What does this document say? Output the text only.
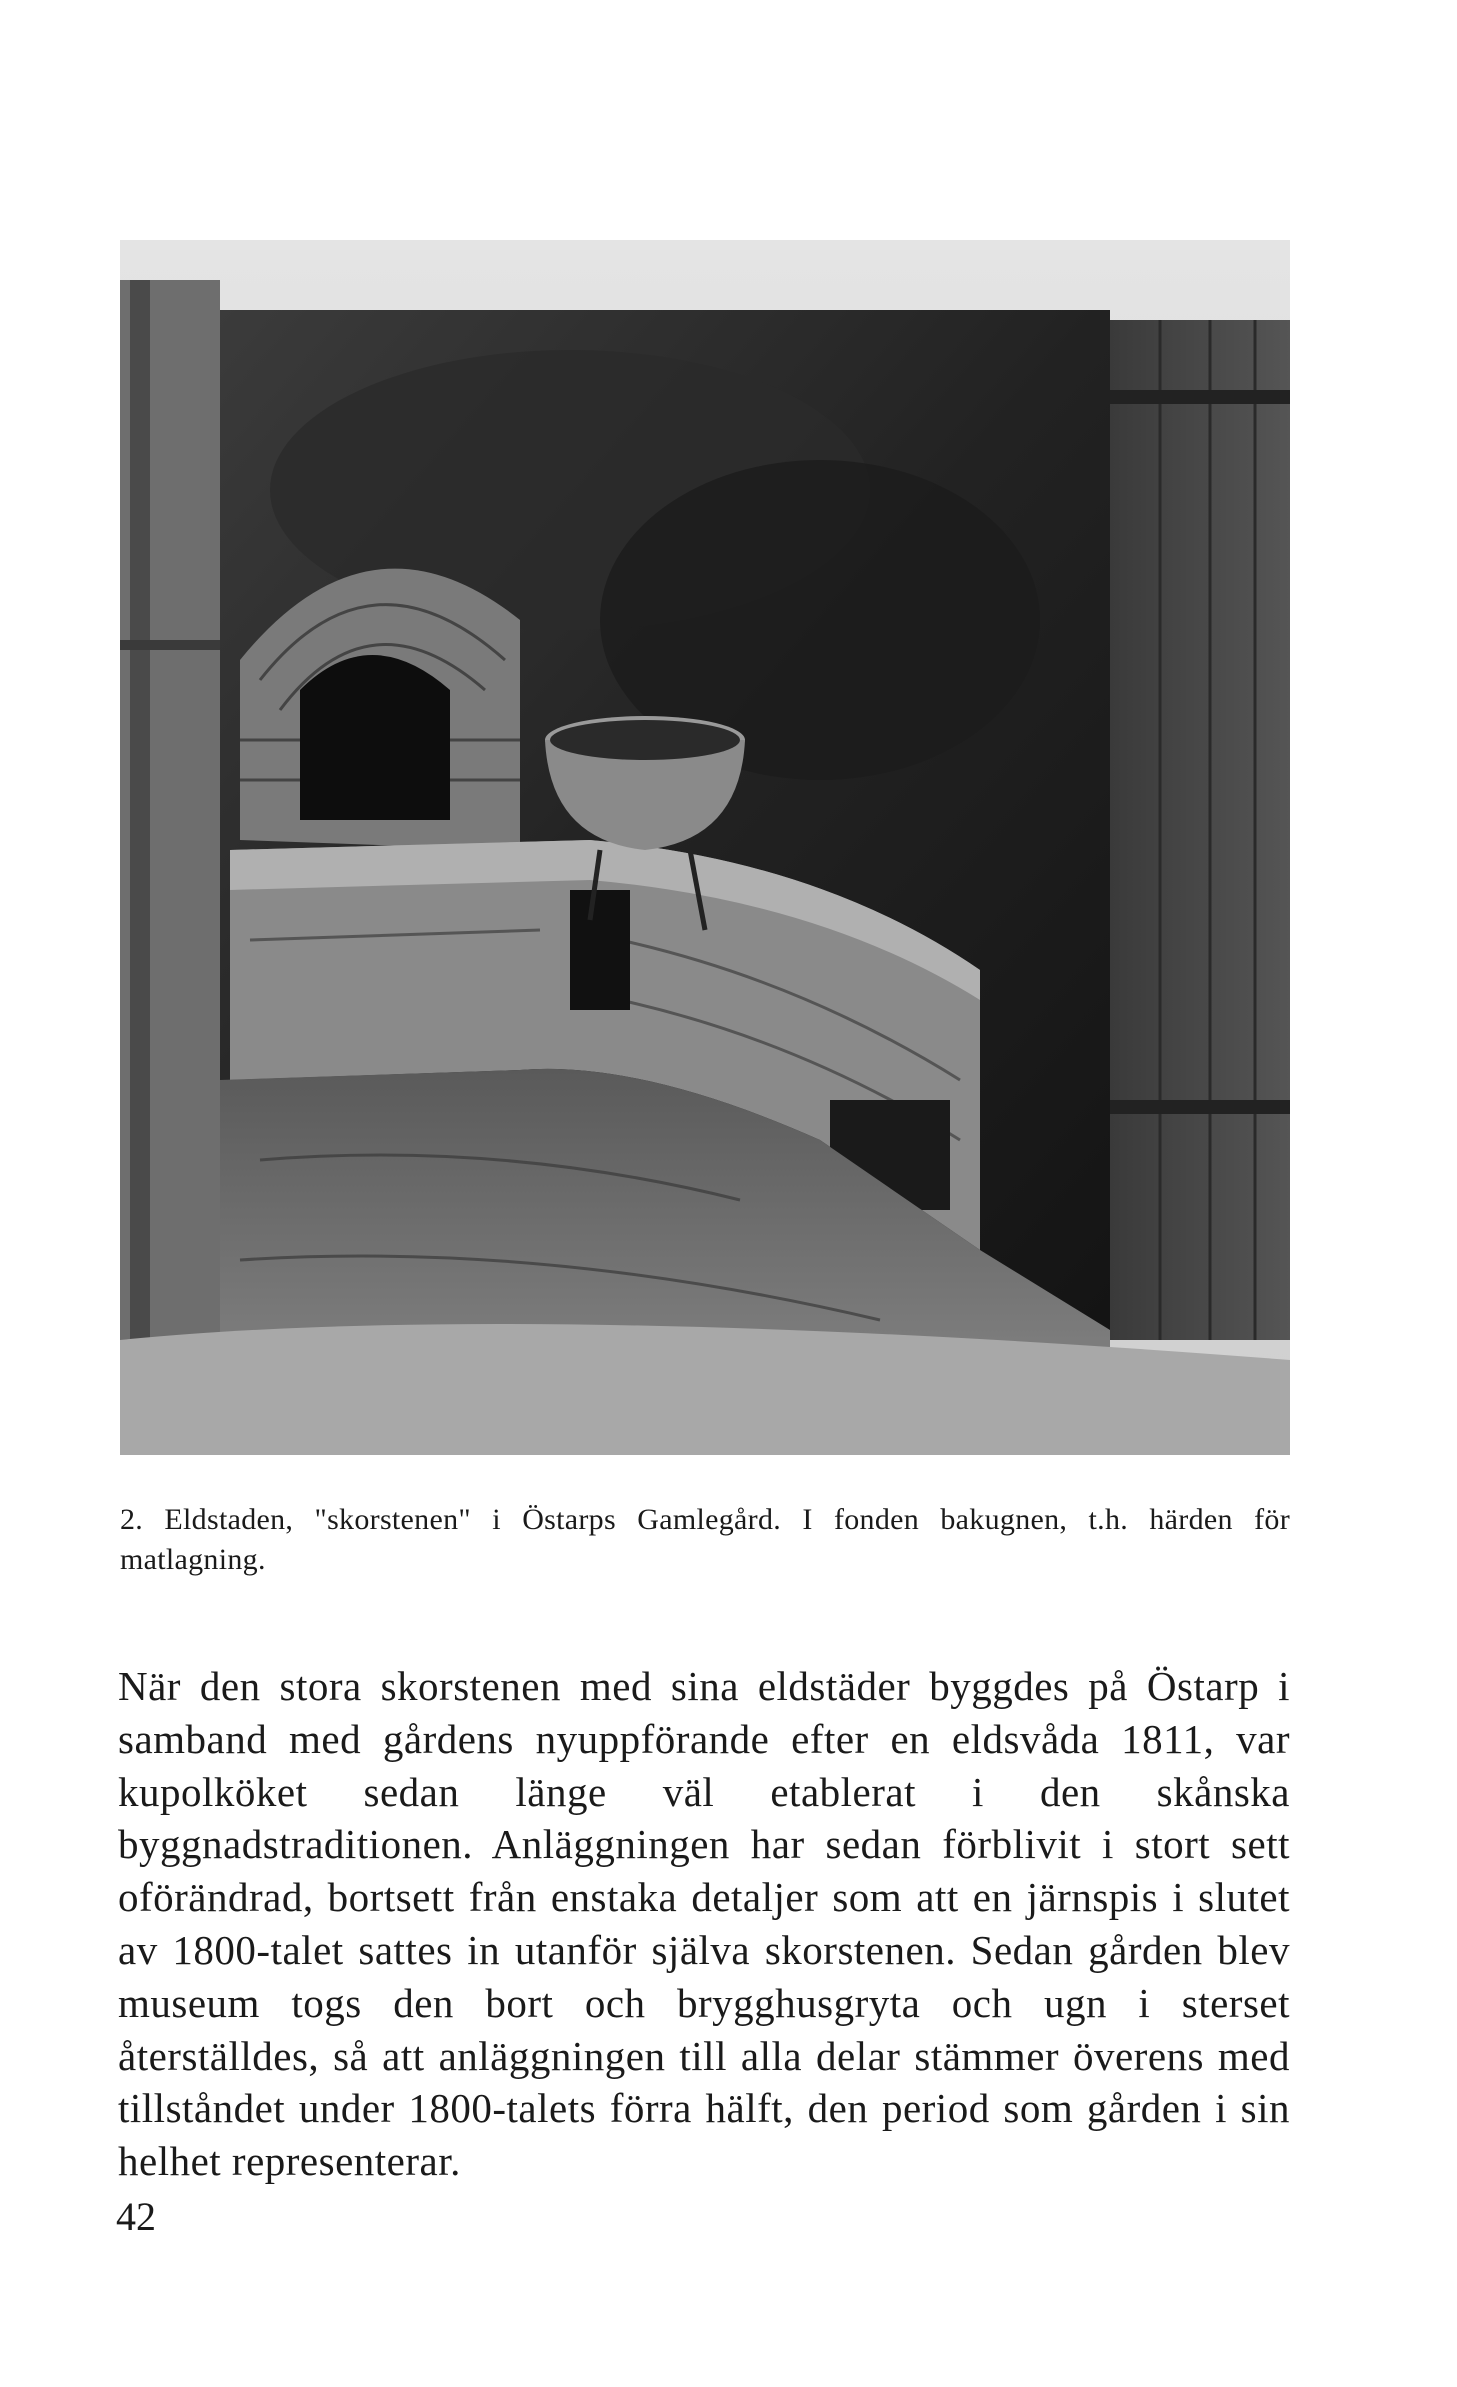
2. Eldstaden, "skorstenen" i Östarps Gamlegård. I fonden bakugnen, t.h. härden för matlagning.

När den stora skorstenen med sina eldstäder byggdes på Östarp i samband med gårdens nyuppförande efter en eldsvåda 1811, var kupolköket sedan länge väl etablerat i den skånska byggnadstraditionen. Anläggningen har sedan förblivit i stort sett oförändrad, bortsett från enstaka detaljer som att en järnspis i slutet av 1800-talet sattes in utanför själva skorstenen. Sedan gården blev museum togs den bort och brygghusgryta och ugn i sterset återställdes, så att anläggningen till alla delar stämmer överens med tillståndet under 1800-talets förra hälft, den period som gården i sin helhet representerar.

42
